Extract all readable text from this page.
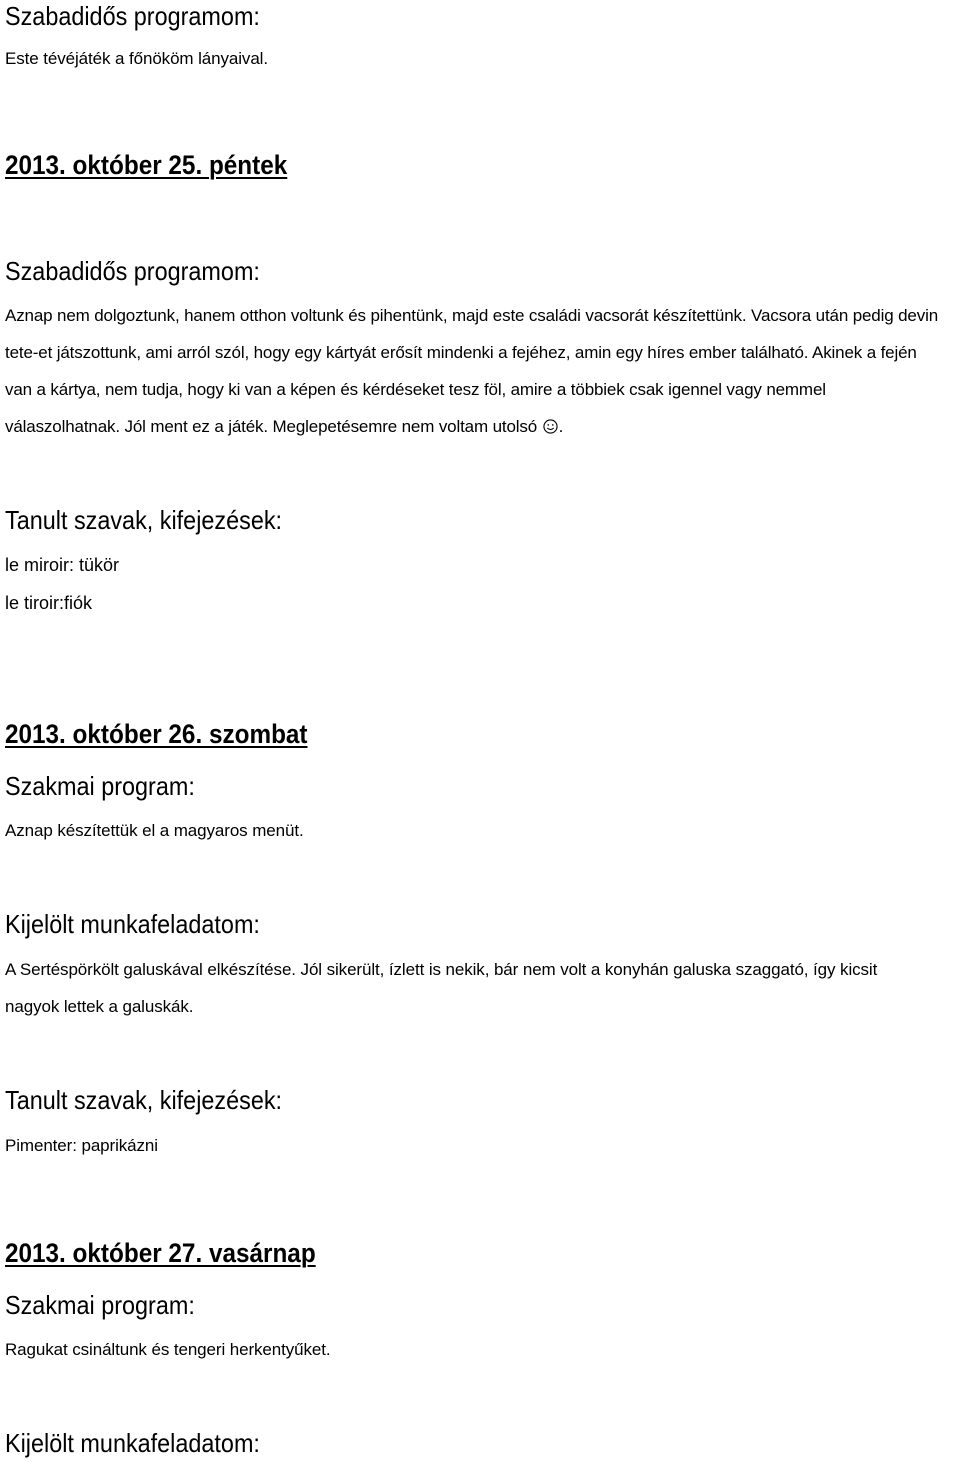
Szabadidős programom:
Este tévéjáték a főnököm lányaival.
2013. október 25. péntek
Szabadidős programom:

Aznap nem dolgoztunk, hanem otthon voltunk és pihentünk, majd este családi vacsorát készítettünk. Vacsora után pedig devin tete-et játszottunk, ami arról szól, hogy egy kártyát erősít mindenki a fejéhez, amin egy híres ember található. Akinek a fején van a kártya, nem tudja, hogy ki van a képen és kérdéseket tesz föl, amire a többiek csak igennel vagy nemmel válaszolhatnak. Jól ment ez a játék. Meglepetésemre nem voltam utolsó .

Tanult szavak, kifejezések:
le miroir: tükör
le tiroir:fiók
2013. október 26. szombat
Szakmai program:
Aznap készítettük el a magyaros menüt.
Kijelölt munkafeladatom:
A Sertéspörkölt galuskával elkészítése. Jól sikerült, ízlett is nekik, bár nem volt a konyhán galuska szaggató, így kicsit
nagyok lettek a galuskák.
Tanult szavak, kifejezések:
Pimenter: paprikázni
2013. október 27. vasárnap
Szakmai program:
Ragukat csináltunk és tengeri herkentyűket.
Kijelölt munkafeladatom:
